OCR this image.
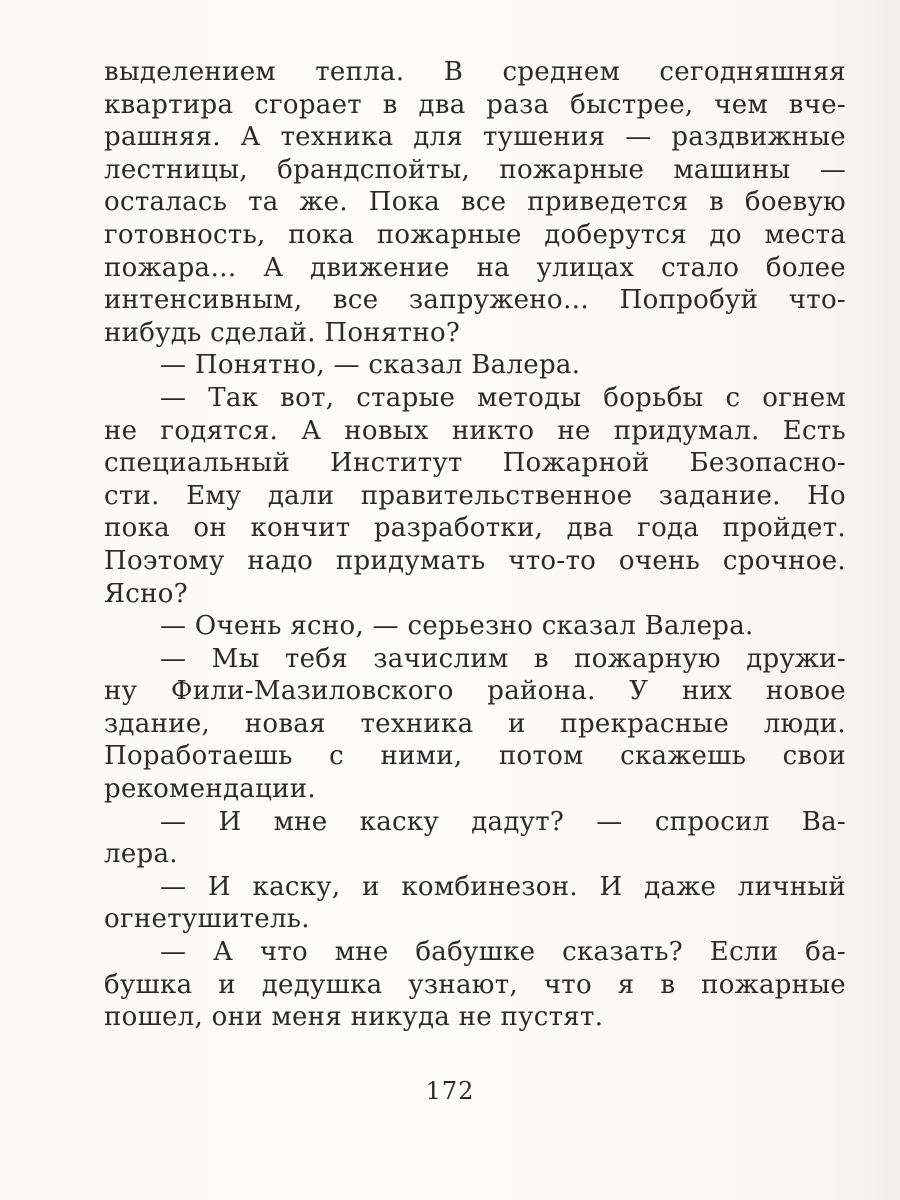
выделением тепла. В среднем сегодняшняя
квартира сгорает в два раза быстрее, чем вче-
рашняя. А техника для тушения — раздвижные
лестницы, брандспойты, пожарные машины —
осталась та же. Пока все приведется в боевую
готовность, пока пожарные доберутся до места
пожара… А движение на улицах стало более
интенсивным, все запружено… Попробуй что-
нибудь сделай. Понятно?
— Понятно, — сказал Валера.
— Так вот, старые методы борьбы с огнем
не годятся. А новых никто не придумал. Есть
специальный Институт Пожарной Безопасно-
сти. Ему дали правительственное задание. Но
пока он кончит разработки, два года пройдет.
Поэтому надо придумать что-то очень срочное.
Ясно?
— Очень ясно, — серьезно сказал Валера.
— Мы тебя зачислим в пожарную дружи-
ну Фили-Мазиловского района. У них новое
здание, новая техника и прекрасные люди.
Поработаешь с ними, потом скажешь свои
рекомендации.
— И мне каску дадут? — спросил Ва-
лера.
— И каску, и комбинезон. И даже личный
огнетушитель.
— А что мне бабушке сказать? Если ба-
бушка и дедушка узнают, что я в пожарные
пошел, они меня никуда не пустят.
172
